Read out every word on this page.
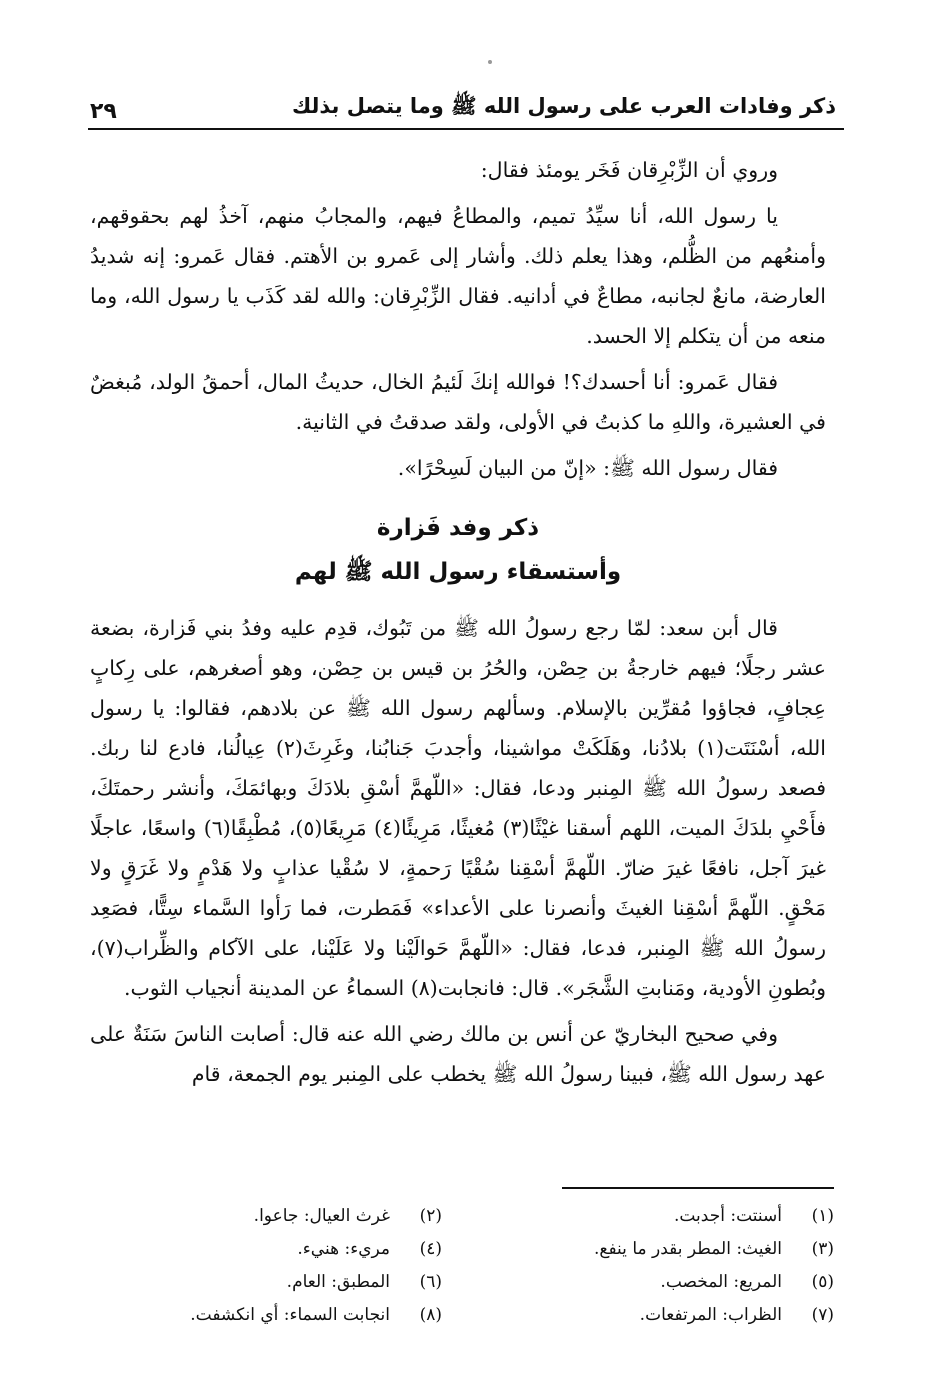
ذكر وفادات العرب على رسول الله ﷺ وما يتصل بذلك
٢٩

وروي أن الزِّبْرِقان فَخَر يومئذ فقال:

يا رسول الله، أنا سيِّدُ تميم، والمطاعُ فيهم، والمجابُ منهم، آخذُ لهم بحقوقهم، وأمنعُهم من الظُّلم، وهذا يعلم ذلك. وأشار إلى عَمرو بن الأهتم. فقال عَمرو: إنه شديدُ العارضة، مانعٌ لجانبه، مطاعٌ في أدانيه. فقال الزِّبْرِقان: والله لقد كَذَب يا رسول الله، وما منعه من أن يتكلم إلا الحسد.

فقال عَمرو: أنا أحسدك؟! فوالله إنكَ لَئيمُ الخال، حديثُ المال، أحمقُ الولد، مُبغضٌ في العشيرة، واللهِ ما كذبتُ في الأولى، ولقد صدقتُ في الثانية.

فقال رسول الله ﷺ: «إنّ من البيان لَسِحْرًا».

ذكر وفد فَزارة
وأستسقاء رسول الله ﷺ لهم

قال أبن سعد: لمّا رجع رسولُ الله ﷺ من تَبُوك، قدِم عليه وفدُ بني فَزارة، بضعة عشر رجلًا؛ فيهم خارجةُ بن حِصْن، والحُرُ بن قيس بن حِصْن، وهو أصغرهم، على رِكابٍ عِجافٍ، فجاؤوا مُقرِّين بالإسلام. وسألهم رسول الله ﷺ عن بلادهم، فقالوا: يا رسول الله، أسْنَتَت(١) بلادُنا، وهَلَكَتْ مواشينا، وأجدبَ جَنابُنا، وغَرِثَ(٢) عِيالُنا، فادع لنا ربك. فصعد رسولُ الله ﷺ المِنبر ودعا، فقال: «اللّهمَّ أسْقِ بلادَكَ وبهائمَكَ، وأنشر رحمتَكَ، فأَحْيِ بلدَكَ الميت، اللهم أسقنا غيْثًا(٣) مُغيثًا، مَرِيئًا(٤) مَرِيعًا(٥)، مُطْبِقًا(٦) واسعًا، عاجلًا غيرَ آجل، نافعًا غيرَ ضارّ. اللّهمَّ أسْقِنا سُقْيًا رَحمةٍ، لا سُقْيا عذابٍ ولا هَدْمٍ ولا غَرَقٍ ولا مَحْقٍ. اللّهمَّ أسْقِنا الغيثَ وأنصرنا على الأعداء» فَمَطرت، فما رَأوا السَّماء سِتًّا، فصَعِد رسولُ الله ﷺ المِنبر، فدعا، فقال: «اللّهمَّ حَوالَيْنا ولا عَلَيْنا، على الآكام والظِّراب(٧)، وبُطونِ الأودية، ومَنابتِ الشَّجَر». قال: فانجابت(٨) السماءُ عن المدينة أنجياب الثوب.

وفي صحيح البخاريّ عن أنس بن مالك رضي الله عنه قال: أصابت الناسَ سَنَةٌ على عهد رسول الله ﷺ، فبينا رسولُ الله ﷺ يخطب على المِنبر يوم الجمعة، قام

(١)
أسنتت: أجدبت.
(٢)
غرث العيال: جاعوا.
(٣)
الغيث: المطر بقدر ما ينفع.
(٤)
مريء: هنيء.
(٥)
المريع: المخصب.
(٦)
المطبق: العام.
(٧)
الظراب: المرتفعات.
(٨)
انجابت السماء: أي انكشفت.
